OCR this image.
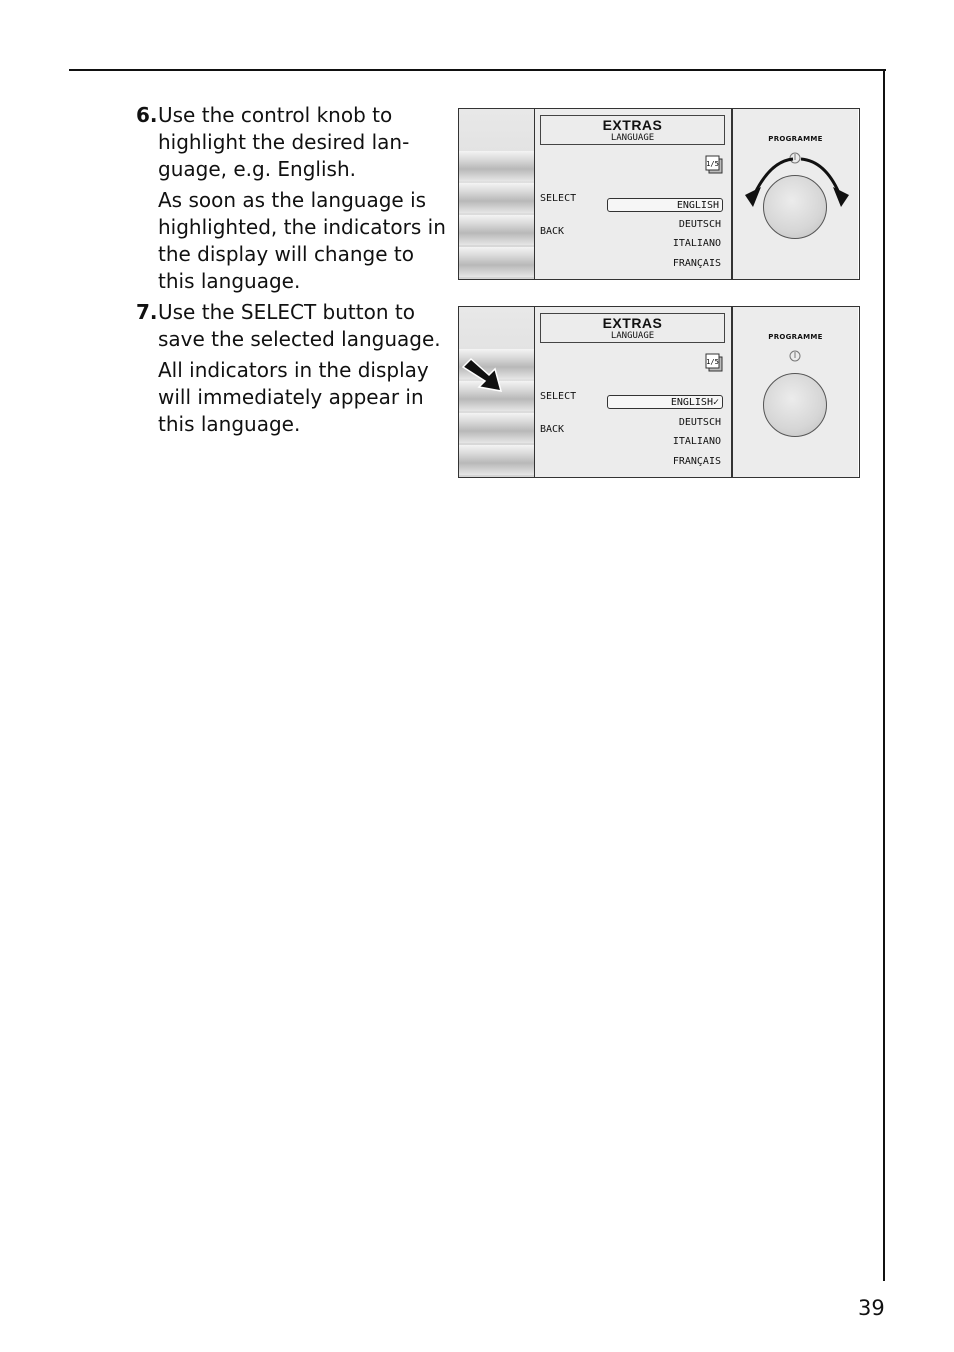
6. Use the control knob to highlight the desired lan-guage, e.g. English.

As soon as the language is highlighted, the indicators in the display will change to this language.

7. Use the SELECT button to save the selected language.

All indicators in the display will immediately appear in this language.

EXTRAS
LANGUAGE
1/5
SELECT
BACK
ENGLISH
DEUTSCH
ITALIANO
FRANÇAIS
PROGRAMME
EXTRAS
LANGUAGE
1/5
SELECT
BACK
ENGLISH✓
DEUTSCH
ITALIANO
FRANÇAIS
PROGRAMME
39
